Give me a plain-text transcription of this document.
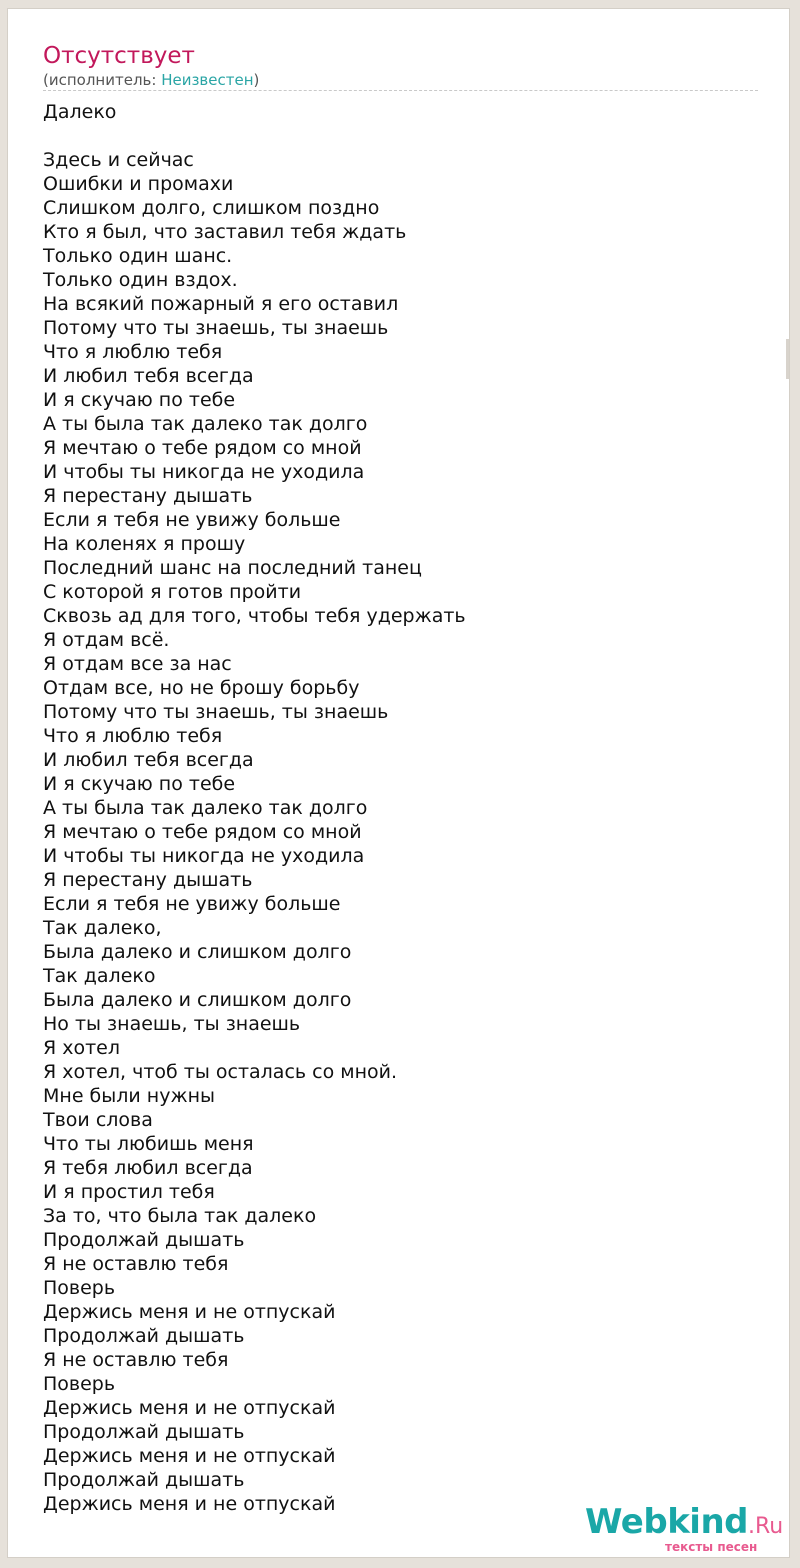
Отсутствует
(исполнитель: Неизвестен)
Далеко
Здесь и сейчас
Ошибки и промахи
Слишком долго, слишком поздно
Кто я был, что заставил тебя ждать
Только один шанс.
Только один вздох.
На всякий пожарный я его оставил
Потому что ты знаешь, ты знаешь
Что я люблю тебя
И любил тебя всегда
И я скучаю по тебе
А ты была так далеко так долго
Я мечтаю о тебе рядом со мной
И чтобы ты никогда не уходила
Я перестану дышать
Если я тебя не увижу больше
На коленях я прошу
Последний шанс на последний танец
С которой я готов пройти
Сквозь ад для того, чтобы тебя удержать
Я отдам всё.
Я отдам все за нас
Отдам все, но не брошу борьбу
Потому что ты знаешь, ты знаешь
Что я люблю тебя
И любил тебя всегда
И я скучаю по тебе
А ты была так далеко так долго
Я мечтаю о тебе рядом со мной
И чтобы ты никогда не уходила
Я перестану дышать
Если я тебя не увижу больше
Так далеко,
Была далеко и слишком долго
Так далеко
Была далеко и слишком долго
Но ты знаешь, ты знаешь
Я хотел
Я хотел, чтоб ты осталась со мной.
Мне были нужны
Твои слова
Что ты любишь меня
Я тебя любил всегда
И я простил тебя
За то, что была так далеко
Продолжай дышать
Я не оставлю тебя
Поверь
Держись меня и не отпускай
Продолжай дышать
Я не оставлю тебя
Поверь
Держись меня и не отпускай
Продолжай дышать
Держись меня и не отпускай
Продолжай дышать
Держись меня и не отпускай	Webkind.Ru
тексты песен
